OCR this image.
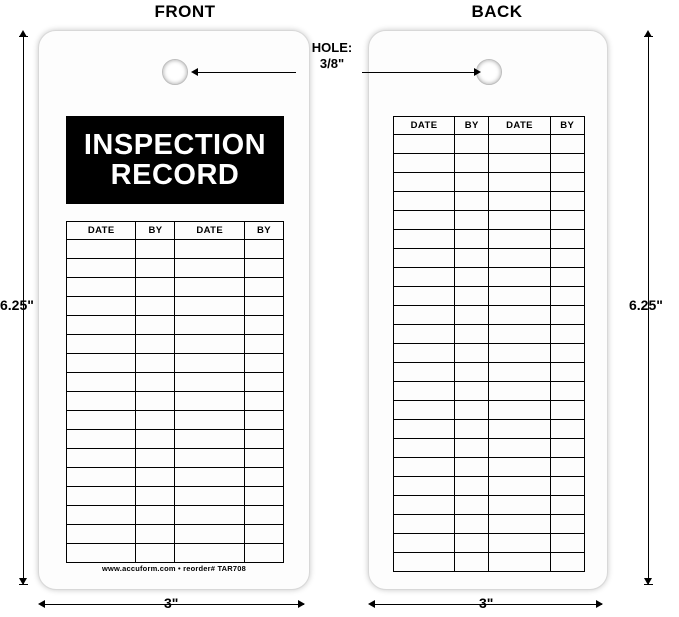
FRONT	BACK
INSPECTION
RECORD
DATE	BY	DATE	BY

www.accuform.com • reorder# TAR708
DATE	BY	DATE	BY

HOLE:
3/8"
6.25"	6.25"
3"	3"
